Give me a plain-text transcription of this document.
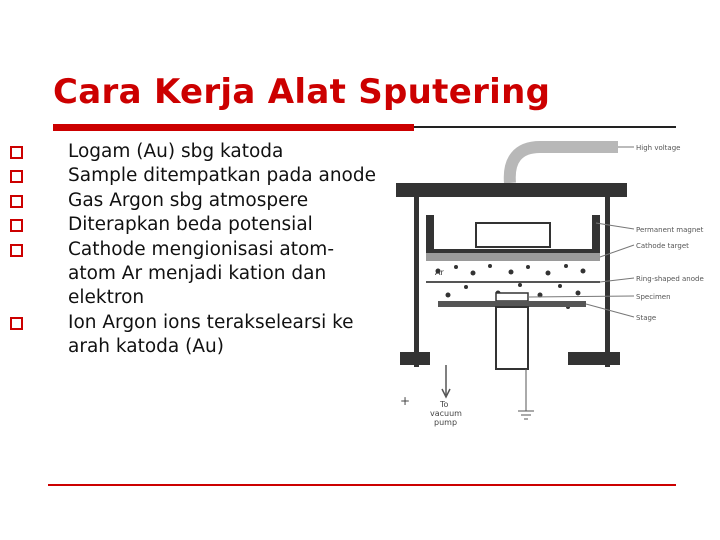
Cara Kerja Alat Sputering
Logam (Au) sbg katoda
Sample ditempatkan pada anode
Gas Argon sbg atmospere
Diterapkan beda potensial
Cathode mengionisasi atom-atom Ar menjadi kation dan elektron
Ion Argon ions terakselearsi ke arah katoda (Au)
Ar
To
vacuum
pump
+
High voltage
Permanent magnet
Cathode target
Ring-shaped anode
Specimen
Stage
